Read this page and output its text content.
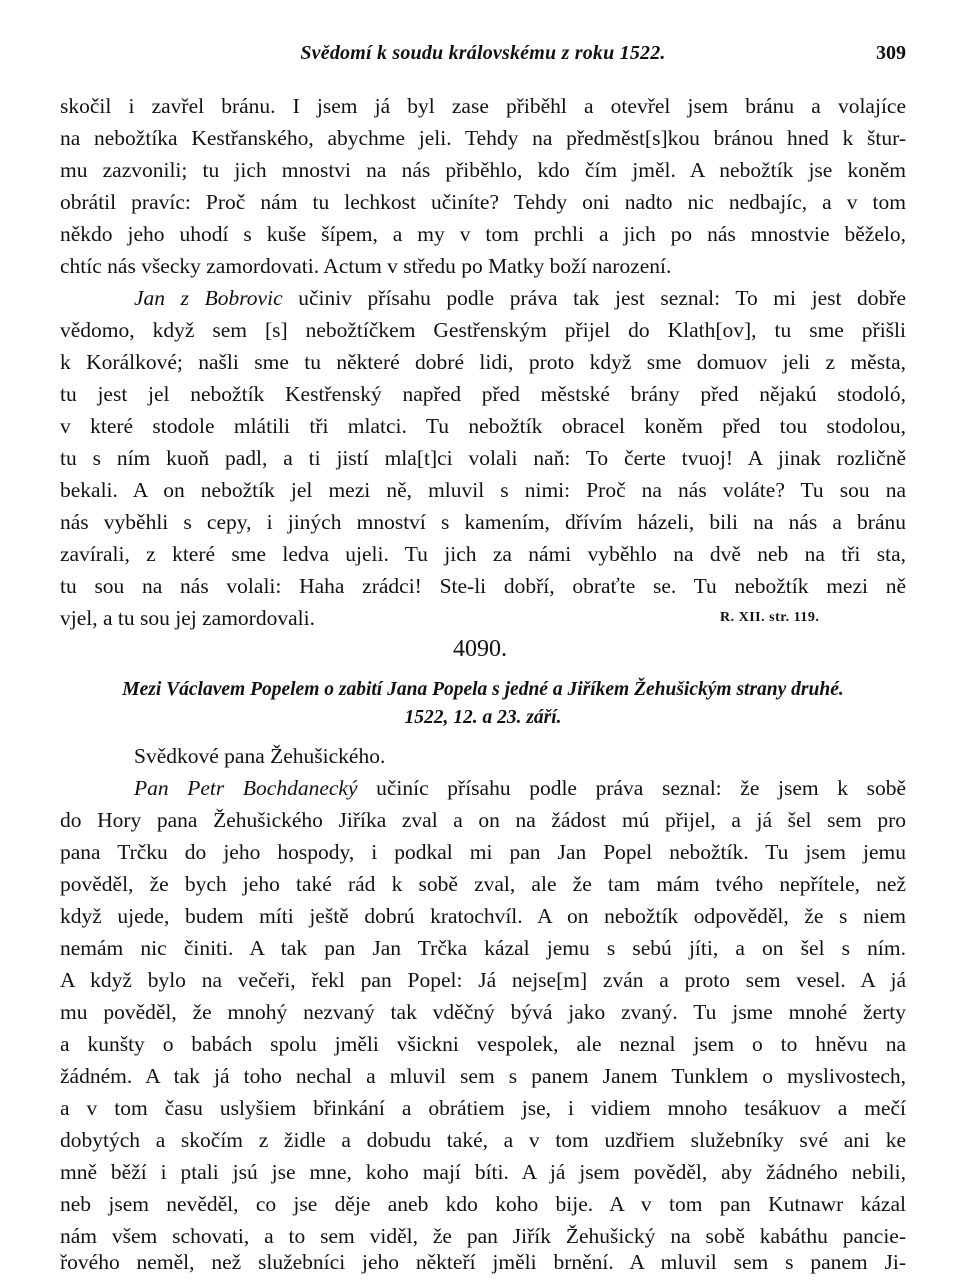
Svědomí k soudu královskému z roku 1522.	309
skočil i zavřel bránu. I jsem já byl zase přiběhl a otevřel jsem bránu a volajíce
na nebožtíka Kestřanského, abychme jeli. Tehdy na předměst[s]kou bránou hned k štur-
mu zazvonili; tu jich mnostvi na nás přiběhlo, kdo čím jměl. A nebožtík jse koněm
obrátil pravíc: Proč nám tu lechkost učiníte? Tehdy oni nadto nic nedbajíc, a v tom
někdo jeho uhodí s kuše šípem, a my v tom prchli a jich po nás mnostvie běželo,
chtíc nás všecky zamordovati. Actum v středu po Matky boží narození.
Jan z Bobrovic učiniv přísahu podle práva tak jest seznal: To mi jest dobře
vědomo, když sem [s] nebožtíčkem Gestřenským přijel do Klath[ov], tu sme přišli
k Korálkové; našli sme tu některé dobré lidi, proto když sme domuov jeli z města,
tu jest jel nebožtík Kestřenský napřed před městské brány před nějakú stodoló,
v které stodole mlátili tři mlatci. Tu nebožtík obracel koněm před tou stodolou,
tu s ním kuoň padl, a ti jistí mla[t]ci volali naň: To čerte tvuoj! A jinak rozličně
bekali. A on nebožtík jel mezi ně, mluvil s nimi: Proč na nás voláte? Tu sou na
nás vyběhli s cepy, i jiných mnoství s kamením, dřívím házeli, bili na nás a bránu
zavírali, z které sme ledva ujeli. Tu jich za námi vyběhlo na dvě neb na tři sta,
tu sou na nás volali: Haha zrádci! Ste-li dobří, obraťte se. Tu nebožtík mezi ně
vjel, a tu sou jej zamordovali.	R. XII. str. 119.
4090.
Mezi Václavem Popelem o zabití Jana Popela s jedné a Jiříkem Žehušickým strany druhé.
1522, 12. a 23. září.
Svědkové pana Žehušického.
Pan Petr Bochdanecký učiníc přísahu podle práva seznal: že jsem k sobě
do Hory pana Žehušického Jiříka zval a on na žádost mú přijel, a já šel sem pro
pana Trčku do jeho hospody, i podkal mi pan Jan Popel nebožtík. Tu jsem jemu
pověděl, že bych jeho také rád k sobě zval, ale že tam mám tvého nepřítele, než
když ujede, budem míti ještě dobrú kratochvíl. A on nebožtík odpověděl, že s niem
nemám nic činiti. A tak pan Jan Trčka kázal jemu s sebú jíti, a on šel s ním.
A když bylo na večeři, řekl pan Popel: Já nejse[m] zván a proto sem vesel. A já
mu pověděl, že mnohý nezvaný tak vděčný bývá jako zvaný. Tu jsme mnohé žerty
a kunšty o babách spolu jměli všickni vespolek, ale neznal jsem o to hněvu na
žádném. A tak já toho nechal a mluvil sem s panem Janem Tunklem o myslivostech,
a v tom času uslyšiem břinkání a obrátiem jse, i vidiem mnoho tesákuov a mečí
dobytých a skočím z židle a dobudu také, a v tom uzdřiem služebníky své ani ke
mně běží i ptali jsú jse mne, koho mají bíti. A já jsem pověděl, aby žádného nebili,
neb jsem nevěděl, co jse děje aneb kdo koho bije. A v tom pan Kutnawr kázal
nám všem schovati, a to sem viděl, že pan Jiřík Žehušický na sobě kabáthu pancie-
řového neměl, než služebníci jeho někteří jměli brnění. A mluvil sem s panem Ji-
